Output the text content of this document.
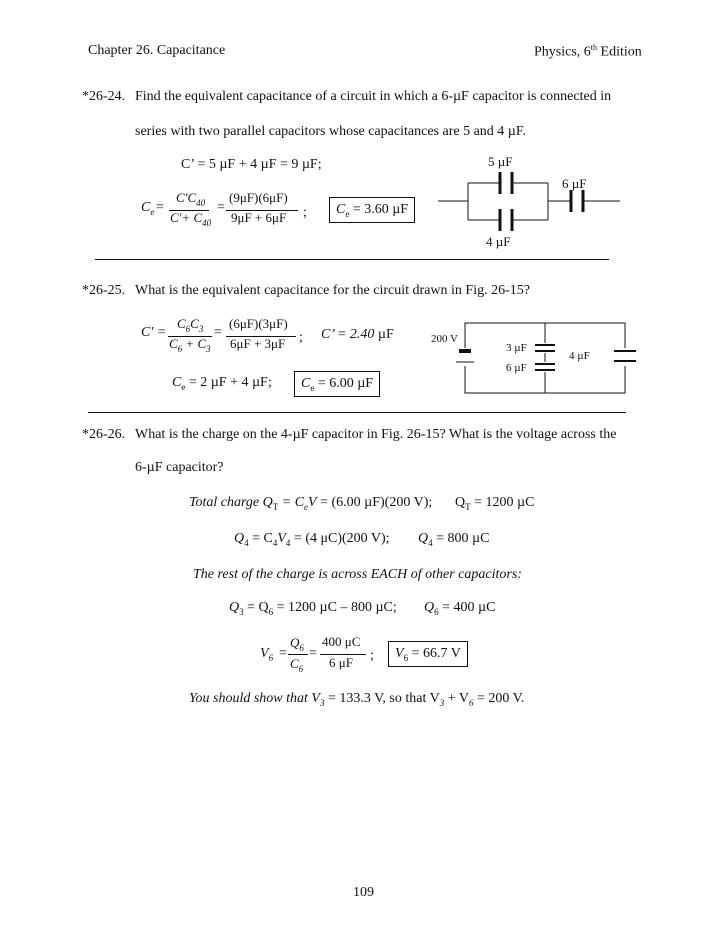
Chapter 26. Capacitance	Physics, 6th Edition
*26-24. Find the equivalent capacitance of a circuit in which a 6-µF capacitor is connected in
series with two parallel capacitors whose capacitances are 5 and 4 µF.
C’ = 5 µF + 4 µF = 9 µF;
$C_e$ =
$C'C_{40}$
$C'+ C_{40}$
=
(9μF)(6μF)
9μF + 6μF ;	$C_e = 3.60$ µF
5 µF
6 µF
4 µF
*26-25. What is the equivalent capacitance for the circuit drawn in Fig. 26-15?
C' =
$C_6C_3$
$C_6 + C_3$
=
(6μF)(3μF)
6μF + 3μF ; C’ = 2.40 µF
$C_e = 2$ µF + 4 µF;	$C_e = 6.00$ µF
200 V
3 µF
6 µF
4 µF
*26-26. What is the charge on the 4-µF capacitor in Fig. 26-15? What is the voltage across the
6-µF capacitor?
Total charge $Q_T = C_eV = (6.00$ µF)(200 V); $Q_T = 1200$ µC
$Q_4 = C_4V_4 = (4$ μC)(200 V); $Q_4 = 800$ µC
The rest of the charge is across EACH of other capacitors:
$Q_3 = Q_6 = 1200$ µC – 800 µC; $Q_6 = 400$ µC
$V_6$ =
$Q_6$
$C_6$
=
400 μC
6 μF ;	$V_6 = 66.7$ V
You should show that $V_3 = 133.3$ V, so that $V_3 + V_6 = 200$ V.
109
